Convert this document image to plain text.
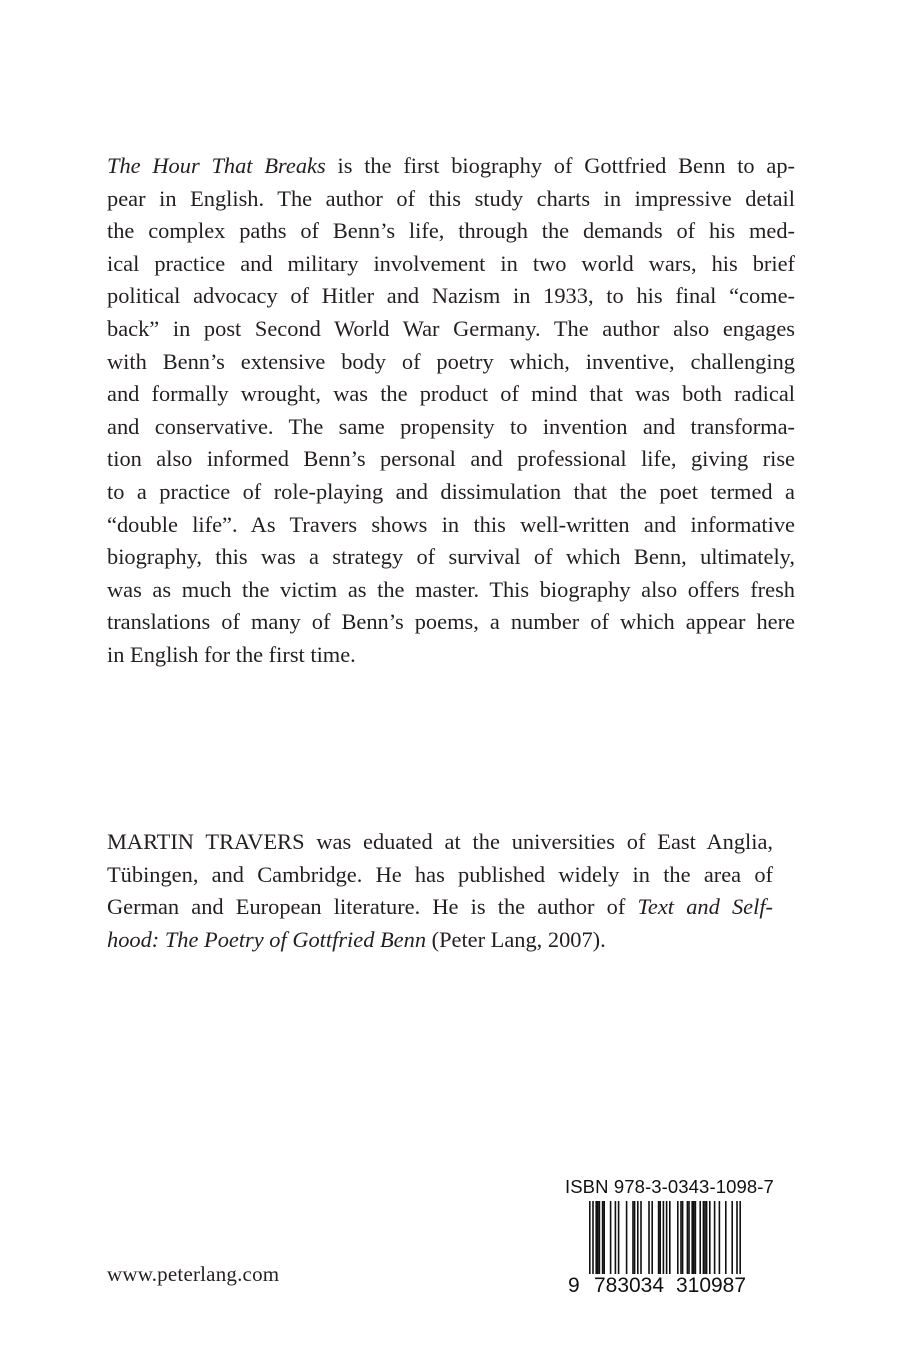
The Hour That Breaks is the first biography of Gottfried Benn to ap-
pear in English. The author of this study charts in impressive detail
the complex paths of Benn’s life, through the demands of his med-
ical practice and military involvement in two world wars, his brief
political advocacy of Hitler and Nazism in 1933, to his final “come-
back” in post Second World War Germany. The author also engages
with Benn’s extensive body of poetry which, inventive, challenging
and formally wrought, was the product of mind that was both radical
and conservative. The same propensity to invention and transforma-
tion also informed Benn’s personal and professional life, giving rise
to a practice of role-playing and dissimulation that the poet termed a
“double life”. As Travers shows in this well-written and informative
biography, this was a strategy of survival of which Benn, ultimately,
was as much the victim as the master. This biography also offers fresh
translations of many of Benn’s poems, a number of which appear here
in English for the first time.
MARTIN TRAVERS was eduated at the universities of East Anglia,
Tübingen, and Cambridge. He has published widely in the area of
German and European literature. He is the author of Text and Self-
hood: The Poetry of Gottfried Benn (Peter Lang, 2007).
www.peterlang.com
ISBN 978-3-0343-1098-7
9 783034 310987
